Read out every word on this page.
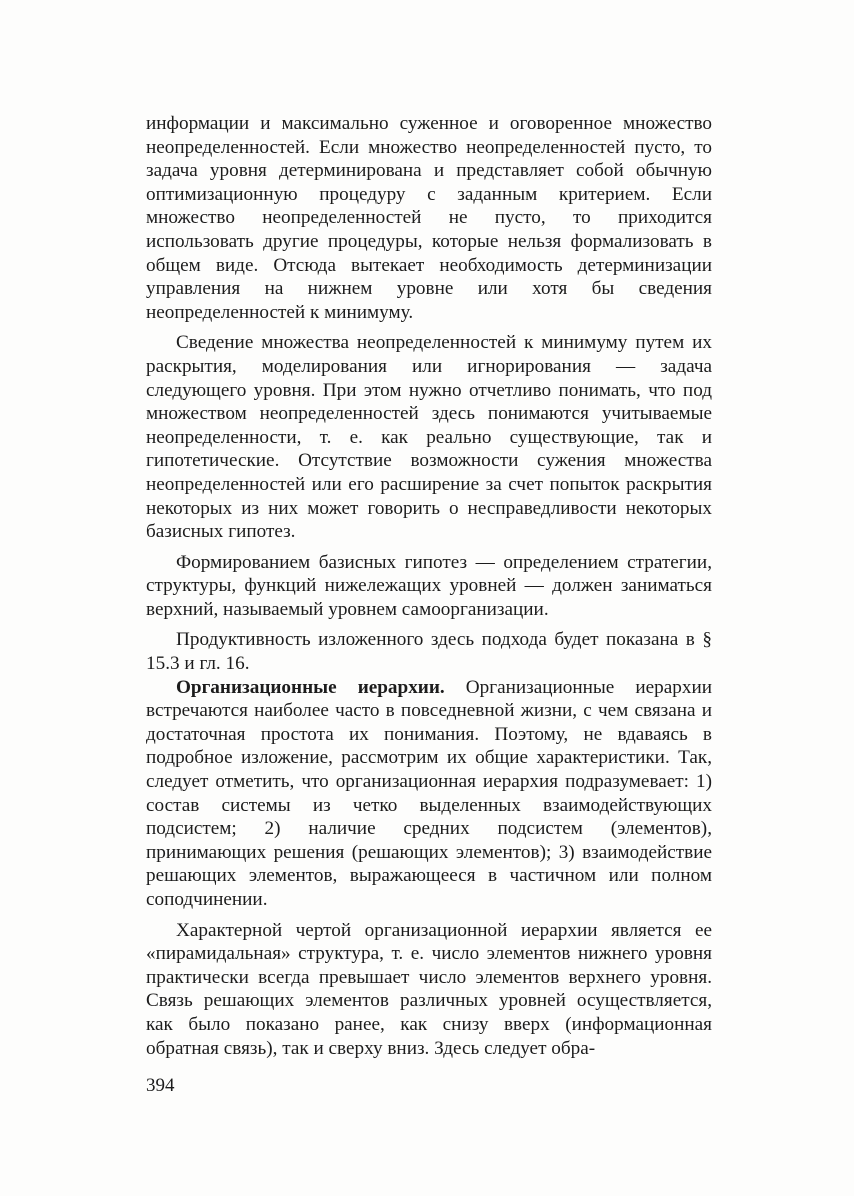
информации и максимально суженное и оговоренное множество неопределенностей. Если множество неопределенностей пусто, то задача уровня детерминирована и представляет собой обычную оптимизационную процедуру с заданным критерием. Если множество неопределенностей не пусто, то приходится использовать другие процедуры, которые нельзя формализовать в общем виде. Отсюда вытекает необходимость детерминизации управления на нижнем уровне или хотя бы сведения неопределенностей к минимуму.

Сведение множества неопределенностей к минимуму путем их раскрытия, моделирования или игнорирования — задача следующего уровня. При этом нужно отчетливо понимать, что под множеством неопределенностей здесь понимаются учитываемые неопределенности, т. е. как реально существующие, так и гипотетические. Отсутствие возможности сужения множества неопределенностей или его расширение за счет попыток раскрытия некоторых из них может говорить о несправедливости некоторых базисных гипотез.

Формированием базисных гипотез — определением стратегии, структуры, функций нижележащих уровней — должен заниматься верхний, называемый уровнем самоорганизации.

Продуктивность изложенного здесь подхода будет показана в § 15.3 и гл. 16.

Организационные иерархии. Организационные иерархии встречаются наиболее часто в повседневной жизни, с чем связана и достаточная простота их понимания. Поэтому, не вдаваясь в подробное изложение, рассмотрим их общие характеристики. Так, следует отметить, что организационная иерархия подразумевает: 1) состав системы из четко выделенных взаимодействующих подсистем; 2) наличие средних подсистем (элементов), принимающих решения (решающих элементов); 3) взаимодействие решающих элементов, выражающееся в частичном или полном соподчинении.

Характерной чертой организационной иерархии является ее «пирамидальная» структура, т. е. число элементов нижнего уровня практически всегда превышает число элементов верхнего уровня. Связь решающих элементов различных уровней осуществляется, как было показано ранее, как снизу вверх (информационная обратная связь), так и сверху вниз. Здесь следует обра-

394
